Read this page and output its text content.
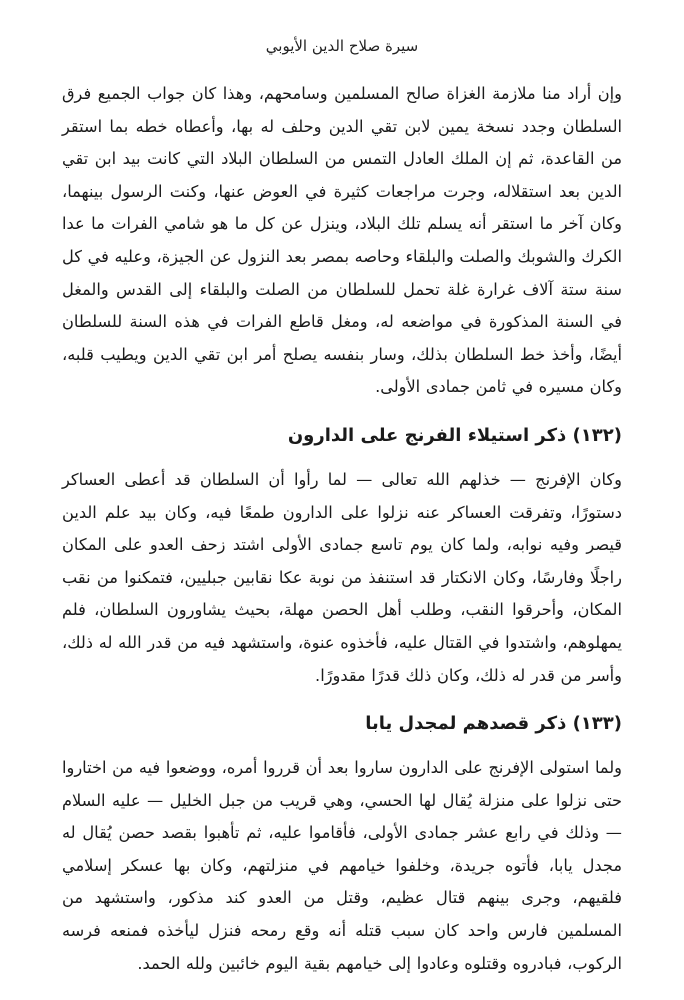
سيرة صلاح الدين الأيوبي

وإن أراد منا ملازمة الغزاة صالح المسلمين وسامحهم، وهذا كان جواب الجميع فرق السلطان وجدد نسخة يمين لابن تقي الدين وحلف له بها، وأعطاه خطه بما استقر من القاعدة، ثم إن الملك العادل التمس من السلطان البلاد التي كانت بيد ابن تقي الدين بعد استقلاله، وجرت مراجعات كثيرة في العوض عنها، وكنت الرسول بينهما، وكان آخر ما استقر أنه يسلم تلك البلاد، وينزل عن كل ما هو شامي الفرات ما عدا الكرك والشوبك والصلت والبلقاء وحاصه بمصر بعد النزول عن الجيزة، وعليه في كل سنة ستة آلاف غرارة غلة تحمل للسلطان من الصلت والبلقاء إلى القدس والمغل في السنة المذكورة في مواضعه له، ومغل قاطع الفرات في هذه السنة للسلطان أيضًا، وأخذ خط السلطان بذلك، وسار بنفسه يصلح أمر ابن تقي الدين ويطيب قلبه، وكان مسيره في ثامن جمادى الأولى.

(١٣٢) ذكر استيلاء الفرنج على الدارون

وكان الإفرنج — خذلهم الله تعالى — لما رأوا أن السلطان قد أعطى العساكر دستورًا، وتفرقت العساكر عنه نزلوا على الدارون طمعًا فيه، وكان بيد علم الدين قيصر وفيه نوابه، ولما كان يوم تاسع جمادى الأولى اشتد زحف العدو على المكان راجلًا وفارسًا، وكان الانكتار قد استنفذ من نوبة عكا نقابين جبليين، فتمكنوا من نقب المكان، وأحرقوا النقب، وطلب أهل الحصن مهلة، بحيث يشاورون السلطان، فلم يمهلوهم، واشتدوا في القتال عليه، فأخذوه عنوة، واستشهد فيه من قدر الله له ذلك، وأسر من قدر له ذلك، وكان ذلك قدرًا مقدورًا.

(١٣٣) ذكر قصدهم لمجدل يابا

ولما استولى الإفرنج على الدارون ساروا بعد أن قرروا أمره، ووضعوا فيه من اختاروا حتى نزلوا على منزلة يُقال لها الحسي، وهي قريب من جبل الخليل — عليه السلام — وذلك في رابع عشر جمادى الأولى، فأقاموا عليه، ثم تأهبوا بقصد حصن يُقال له مجدل يابا، فأتوه جريدة، وخلفوا خيامهم في منزلتهم، وكان بها عسكر إسلامي فلقيهم، وجرى بينهم قتال عظيم، وقتل من العدو كند مذكور، واستشهد من المسلمين فارس واحد كان سبب قتله أنه وقع رمحه فنزل ليأخذه فمنعه فرسه الركوب، فبادروه وقتلوه وعادوا إلى خيامهم بقية اليوم خائبين ولله الحمد.
